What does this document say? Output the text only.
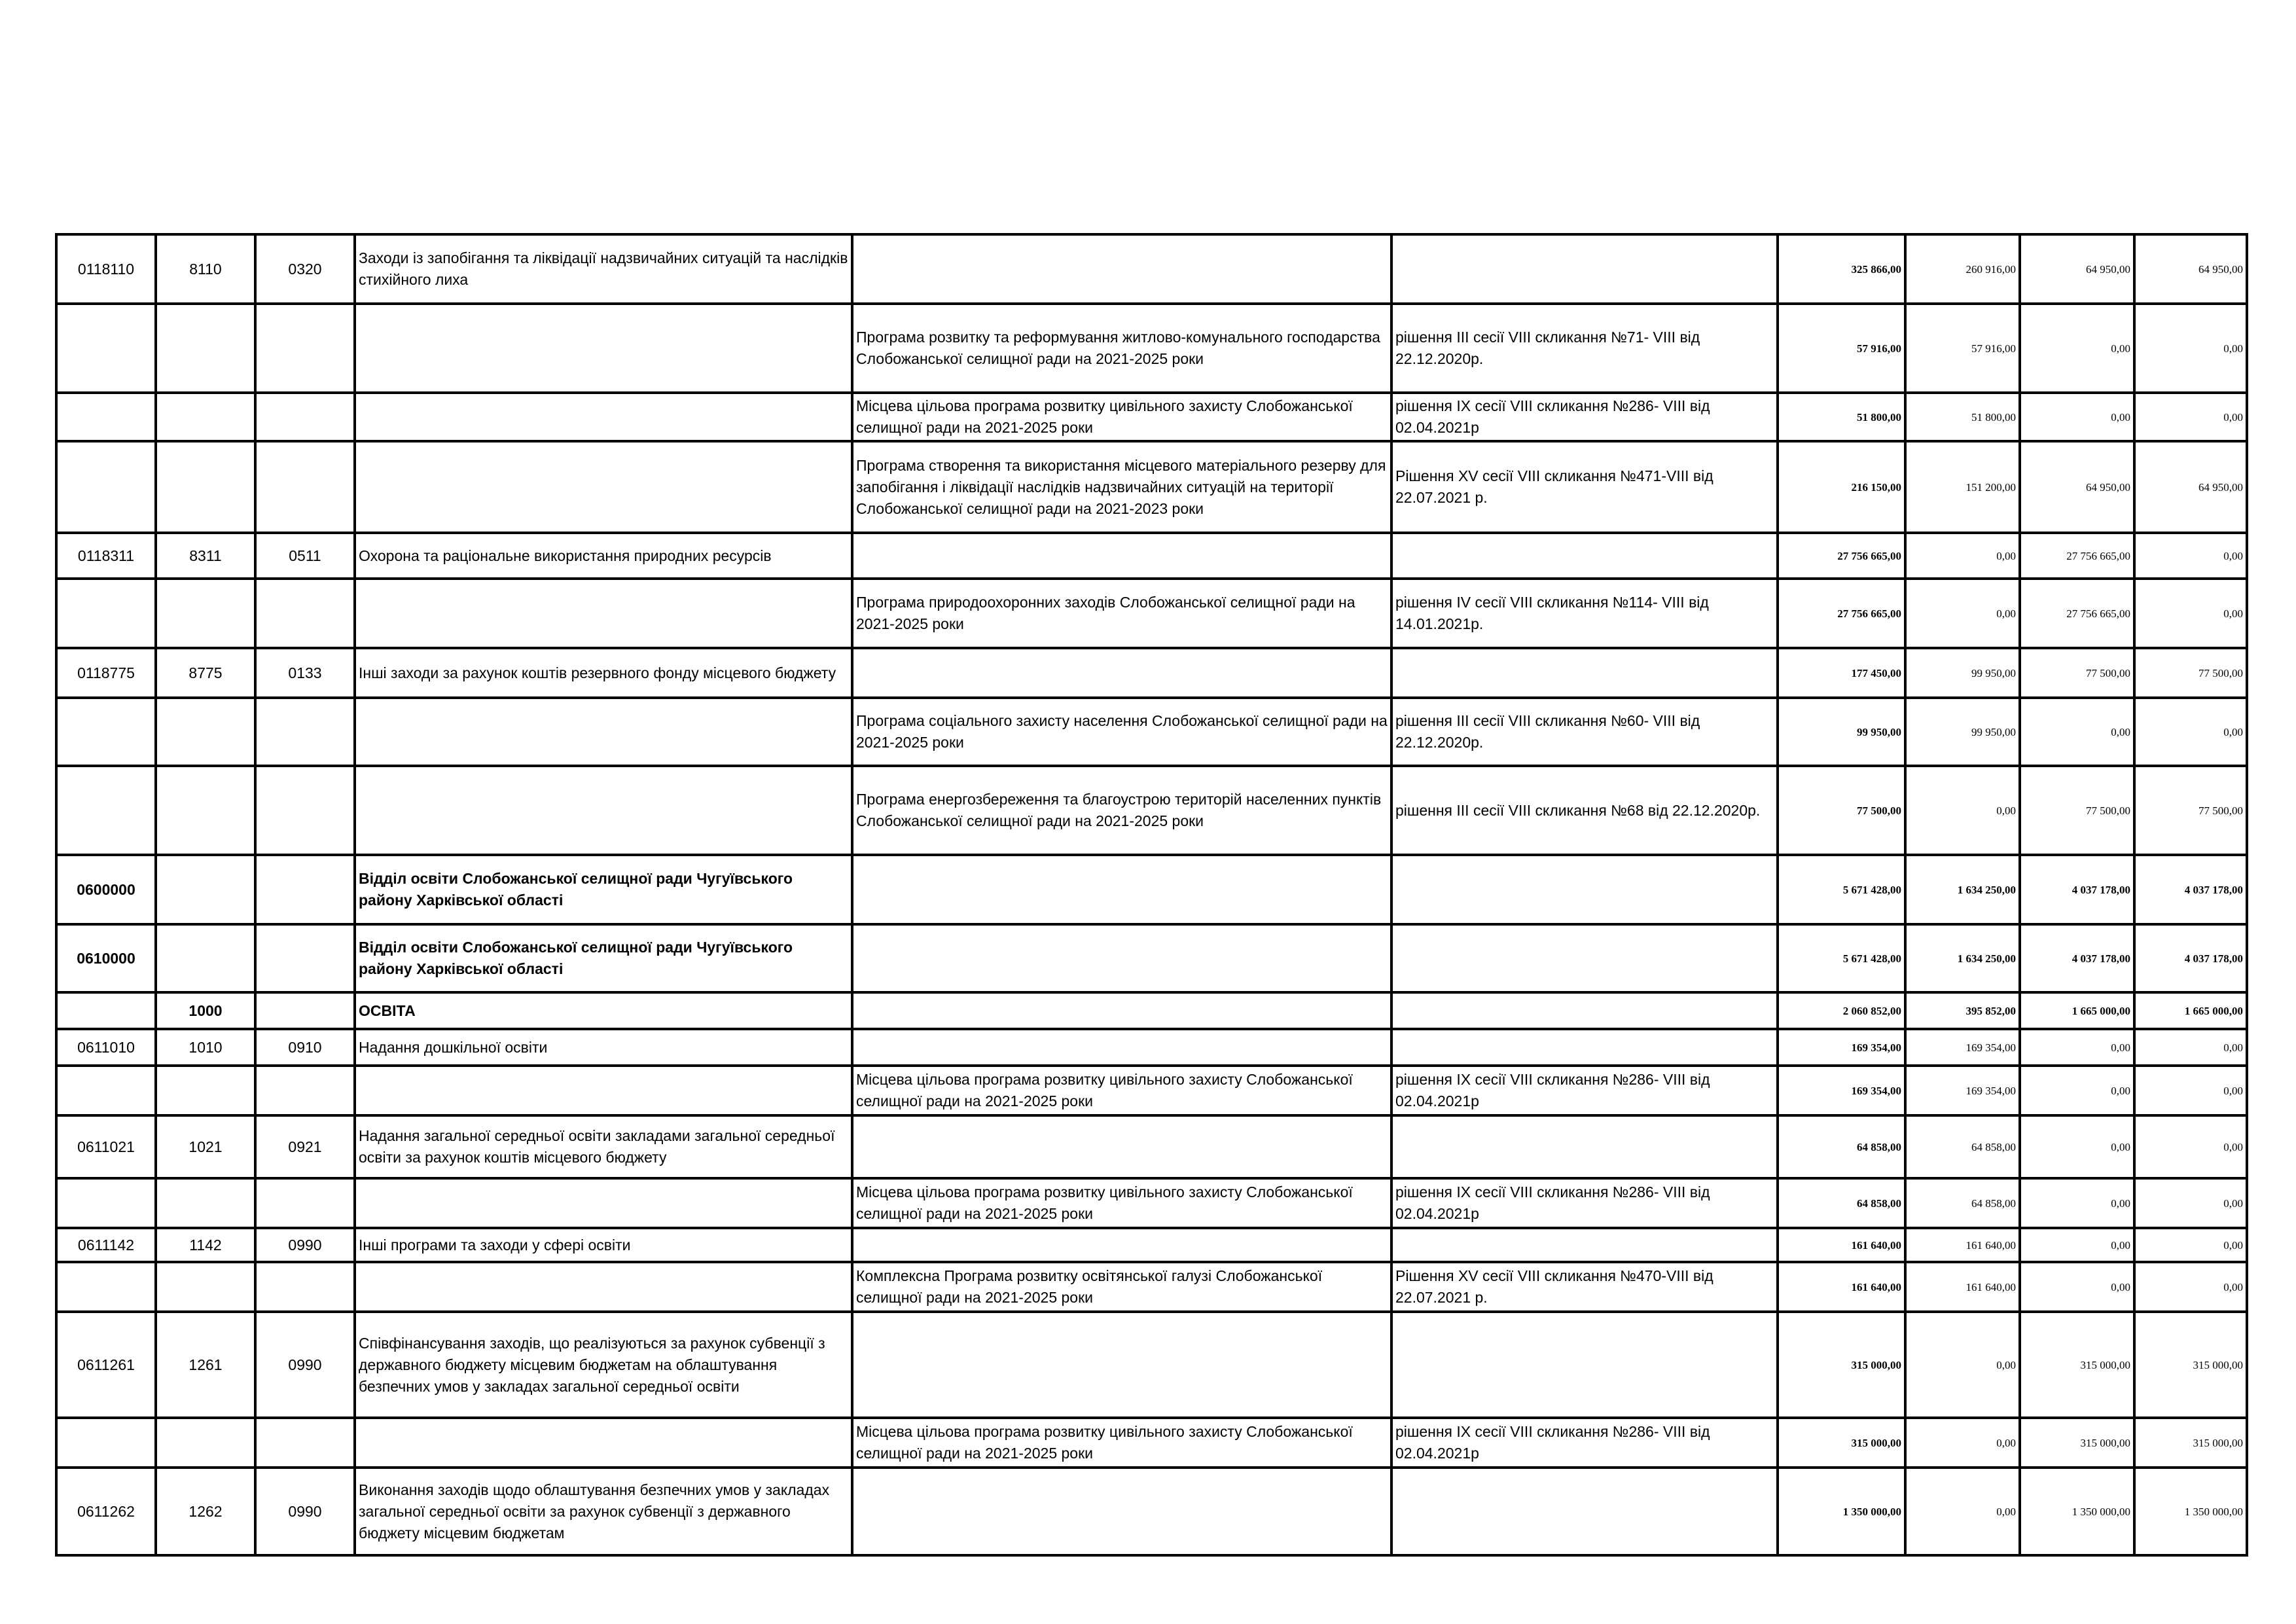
0118110	8110	0320	Заходи із запобігання та ліквідації надзвичайних ситуацій та наслідків стихійного лиха			325 866,00	260 916,00	64 950,00	64 950,00
				Програма розвитку та реформування житлово-комунального господарства Слобожанської селищної ради на 2021-2025 роки	рішення ІІІ сесії VIII скликання №71- VIII від 22.12.2020р.	57 916,00	57 916,00	0,00	0,00
				Місцева цільова програма розвитку цивільного захисту Слобожанської селищної ради на 2021-2025 роки	рішення ІХ сесії VIII скликання №286- VIII від 02.04.2021р	51 800,00	51 800,00	0,00	0,00
				Програма створення та використання місцевого матеріального резерву для запобігання і ліквідації наслідків надзвичайних ситуацій на території Слобожанської селищної ради на 2021-2023 роки	Рішення XV сесії VIII скликання №471-VIII від 22.07.2021 р.	216 150,00	151 200,00	64 950,00	64 950,00
0118311	8311	0511	Охорона та раціональне використання природних ресурсів			27 756 665,00	0,00	27 756 665,00	0,00
				Програма природоохоронних заходів Слобожанської селищної ради на 2021-2025 роки	рішення IV сесії VIII скликання №114- VIII від 14.01.2021р.	27 756 665,00	0,00	27 756 665,00	0,00
0118775	8775	0133	Інші заходи за рахунок коштів резервного фонду місцевого бюджету			177 450,00	99 950,00	77 500,00	77 500,00
				Програма соціального захисту населення Слобожанської селищної ради на 2021-2025 роки	рішення ІІІ сесії VIII скликання №60- VIII від 22.12.2020р.	99 950,00	99 950,00	0,00	0,00
				Програма енергозбереження та благоустрою територій населенних пунктів Слобожанської селищної ради на 2021-2025 роки	рішення ІІІ сесії VIII скликання №68 від 22.12.2020р.	77 500,00	0,00	77 500,00	77 500,00
0600000			Відділ освіти Слобожанської селищної ради Чугуївського району Харківської області			5 671 428,00	1 634 250,00	4 037 178,00	4 037 178,00
0610000			Відділ освіти Слобожанської селищної ради Чугуївського району Харківської області			5 671 428,00	1 634 250,00	4 037 178,00	4 037 178,00
	1000		ОСВІТА			2 060 852,00	395 852,00	1 665 000,00	1 665 000,00
0611010	1010	0910	Надання дошкільної освіти			169 354,00	169 354,00	0,00	0,00
				Місцева цільова програма розвитку цивільного захисту Слобожанської селищної ради на 2021-2025 роки	рішення ІХ сесії VIII скликання №286- VIII від 02.04.2021р	169 354,00	169 354,00	0,00	0,00
0611021	1021	0921	Надання загальної середньої освіти закладами загальної середньої освіти за рахунок коштів місцевого бюджету			64 858,00	64 858,00	0,00	0,00
				Місцева цільова програма розвитку цивільного захисту Слобожанської селищної ради на 2021-2025 роки	рішення ІХ сесії VIII скликання №286- VIII від 02.04.2021р	64 858,00	64 858,00	0,00	0,00
0611142	1142	0990	Інші програми та заходи у сфері освіти			161 640,00	161 640,00	0,00	0,00
				Комплексна Програма розвитку освітянської галузі Слобожанської селищної ради на 2021-2025 роки	Рішення XV сесії VIII скликання №470-VIII від 22.07.2021 р.	161 640,00	161 640,00	0,00	0,00
0611261	1261	0990	Співфінансування заходів, що реалізуються за рахунок субвенції з державного бюджету місцевим бюджетам на облаштування безпечних умов у закладах загальної середньої освіти			315 000,00	0,00	315 000,00	315 000,00
				Місцева цільова програма розвитку цивільного захисту Слобожанської селищної ради на 2021-2025 роки	рішення ІХ сесії VIII скликання №286- VIII від 02.04.2021р	315 000,00	0,00	315 000,00	315 000,00
0611262	1262	0990	Виконання заходів щодо облаштування безпечних умов у закладах загальної середньої освіти за рахунок субвенції з державного бюджету місцевим бюджетам			1 350 000,00	0,00	1 350 000,00	1 350 000,00
